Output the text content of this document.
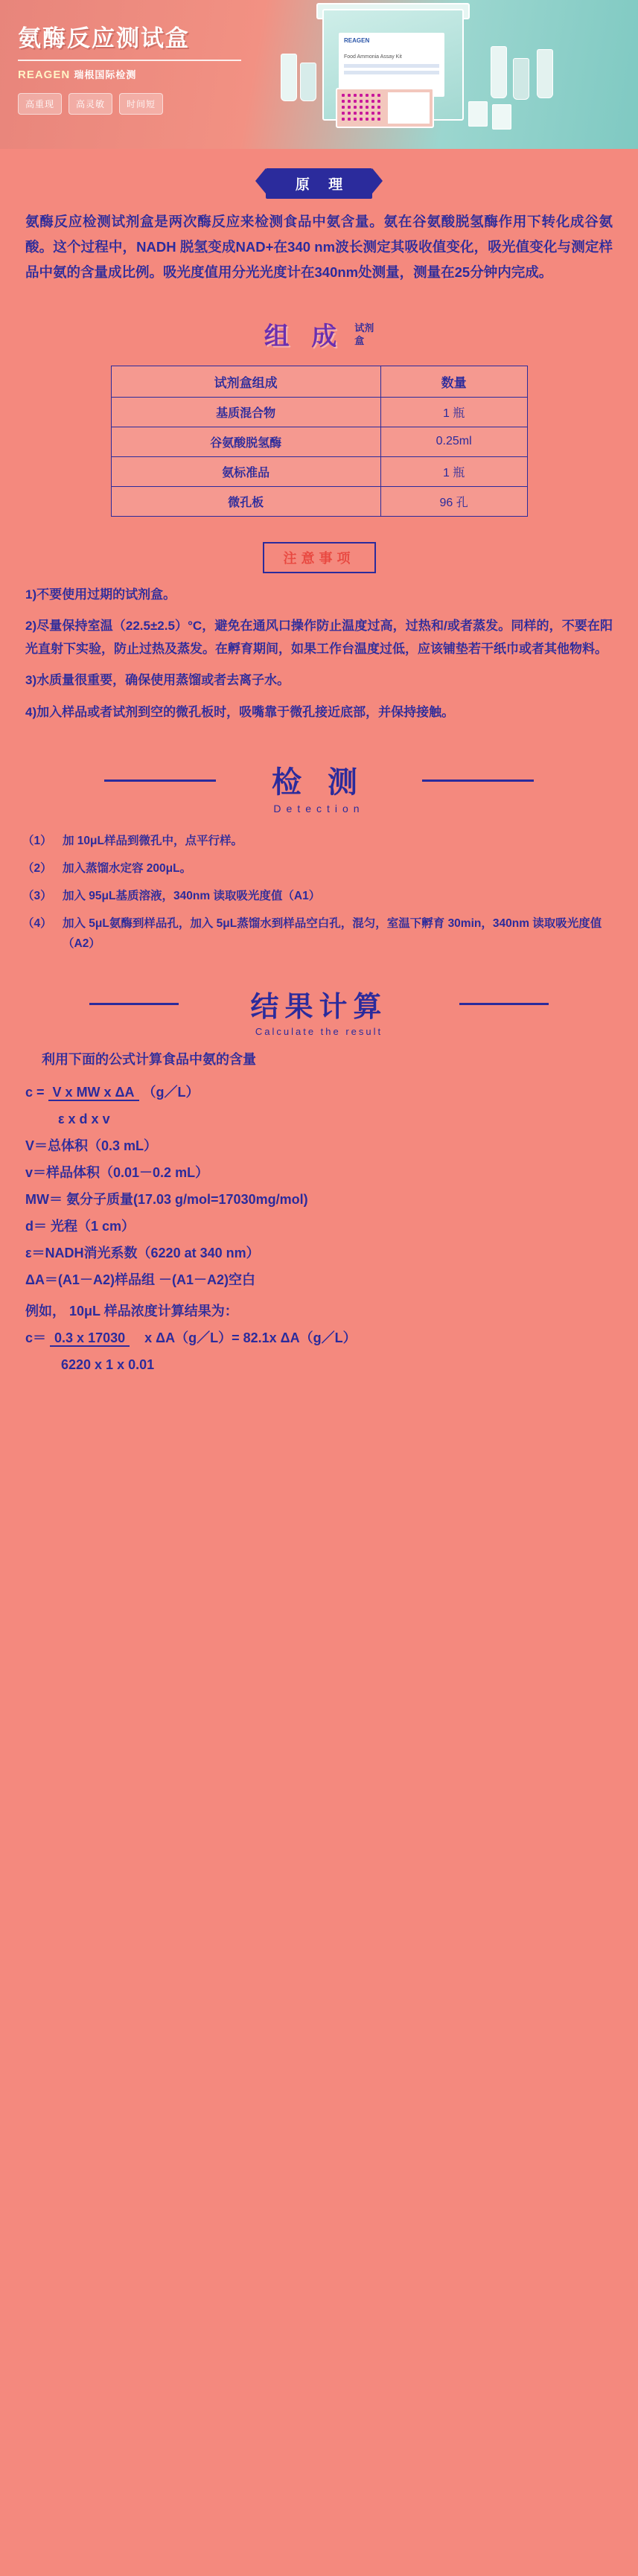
REAGEN
Food Ammonia Assay Kit
氨酶反应测试盒
REAGEN 瑞根国际检测
高重现	高灵敏	时间短
原 理

氨酶反应检测试剂盒是两次酶反应来检测食品中氨含量。氨在谷氨酸脱氢酶作用下转化成谷氨酸。这个过程中，NADH 脱氢变成NAD+在340 nm波长测定其吸收值变化，吸光值变化与测定样品中氨的含量成比例。吸光度值用分光光度计在340nm处测量，测量在25分钟内完成。

组 成 试剂
盒
试剂盒组成	数量
基质混合物	1 瓶
谷氨酸脱氢酶	0.25ml
氨标准品	1 瓶
微孔板	96 孔
注意事项
1)不要使用过期的试剂盒。
2)尽量保持室温（22.5±2.5）°C，避免在通风口操作防止温度过高，过热和/或者蒸发。同样的，不要在阳光直射下实验，防止过热及蒸发。在孵育期间，如果工作台温度过低，应该铺垫若干纸巾或者其他物料。
3)水质量很重要，确保使用蒸馏或者去离子水。
4)加入样品或者试剂到空的微孔板时，吸嘴靠于微孔接近底部，并保持接触。
检 测
Detection
（1） 加 10μL样品到微孔中，点平行样。
（2） 加入蒸馏水定容 200μL。
（3） 加入 95μL基质溶液，340nm 读取吸光度值（A1）
（4） 加入 5μL氨酶到样品孔，加入 5μL蒸馏水到样品空白孔，混匀，室温下孵育 30min，340nm 读取吸光度值（A2）
结果计算
Calculate the result
利用下面的公式计算食品中氨的含量
c = V x MW x ΔA （g／L）
ε x d x v
V＝总体积（0.3 mL）
v＝样品体积（0.01－0.2 mL）
MW＝ 氨分子质量(17.03 g/mol=17030mg/mol)
d＝ 光程（1 cm）
ε＝NADH消光系数（6220 at 340 nm）
ΔA＝(A1－A2)样品组 －(A1－A2)空白
例如， 10μL 样品浓度计算结果为：
c＝ 0.3 x 17030 x ΔA（g／L）= 82.1x ΔA（g／L）
6220 x 1 x 0.01
